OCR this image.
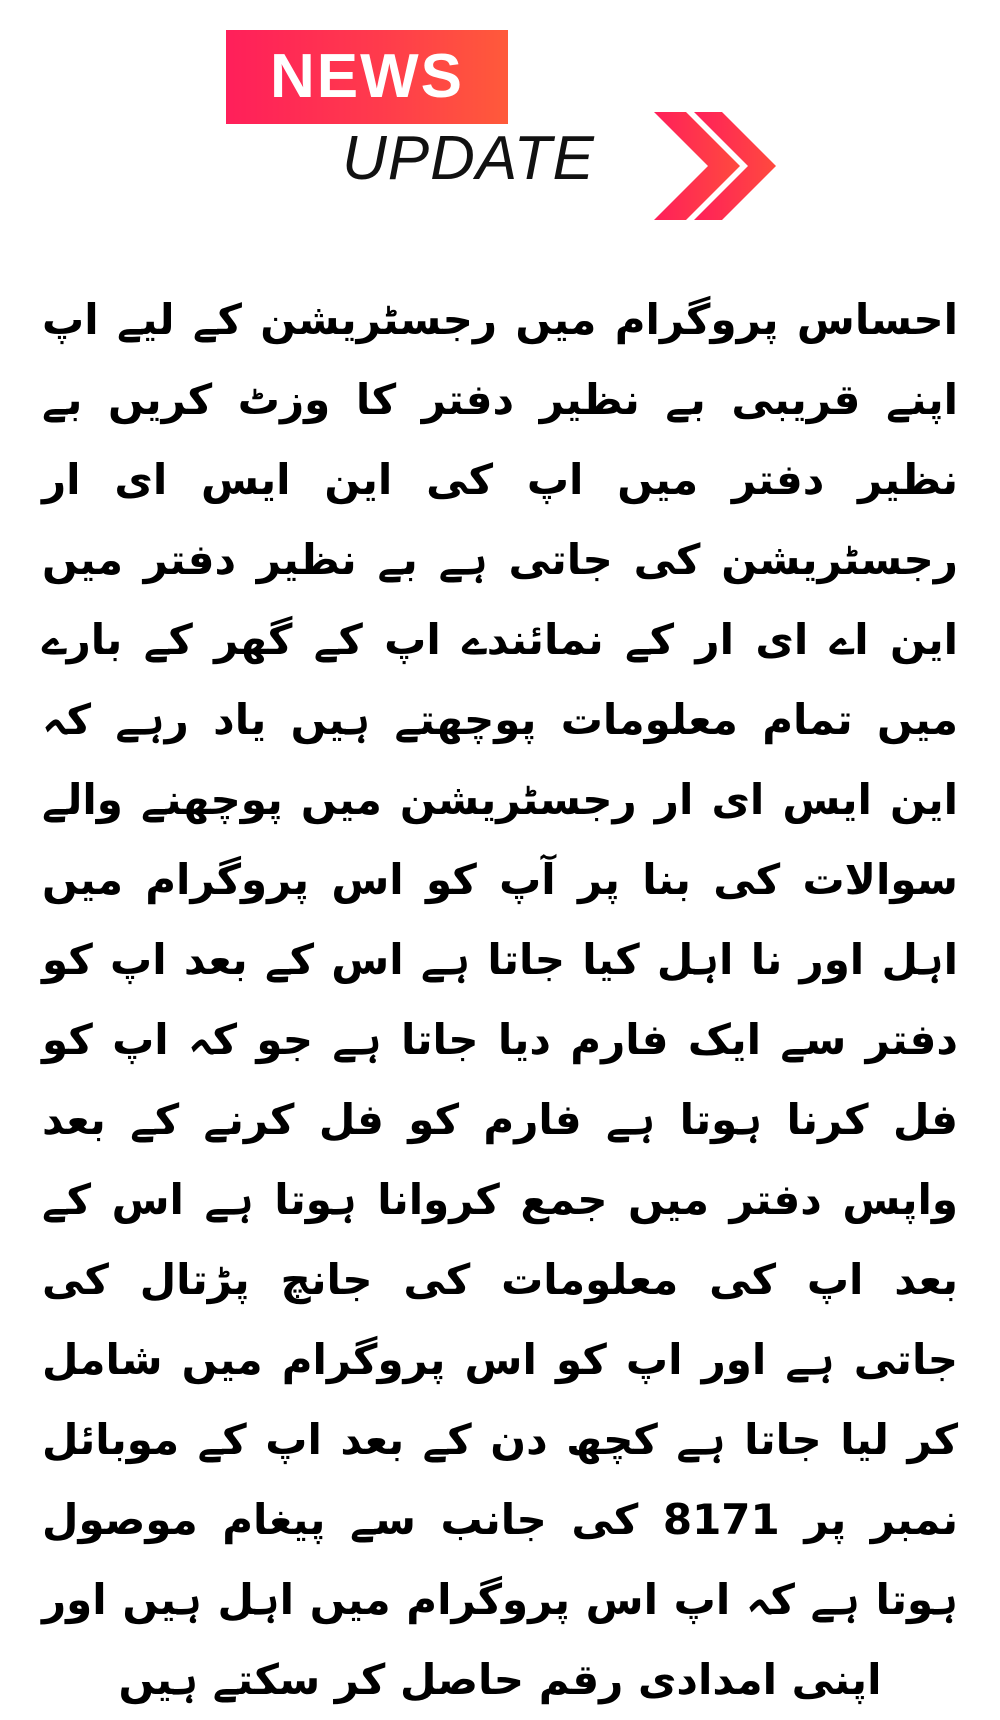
NEWS
UPDATE
احساس پروگرام میں رجسٹریشن کے لیے اپ اپنے قریبی بے نظیر دفتر کا وزٹ کریں بے نظیر دفتر میں اپ کی این ایس ای ار رجسٹریشن کی جاتی ہے بے نظیر دفتر میں این اے ای ار کے نمائندے اپ کے گھر کے بارے میں تمام معلومات پوچھتے ہیں یاد رہے کہ این ایس ای ار رجسٹریشن میں پوچھنے والے سوالات کی بنا پر آپ کو اس پروگرام میں اہل اور نا اہل کیا جاتا ہے اس کے بعد اپ کو دفتر سے ایک فارم دیا جاتا ہے جو کہ اپ کو فل کرنا ہوتا ہے فارم کو فل کرنے کے بعد واپس دفتر میں جمع کروانا ہوتا ہے اس کے بعد اپ کی معلومات کی جانچ پڑتال کی جاتی ہے اور اپ کو اس پروگرام میں شامل کر لیا جاتا ہے کچھ دن کے بعد اپ کے موبائل نمبر پر 8171 کی جانب سے پیغام موصول ہوتا ہے کہ اپ اس پروگرام میں اہل ہیں اور اپنی امدادی رقم حاصل کر سکتے ہیں
